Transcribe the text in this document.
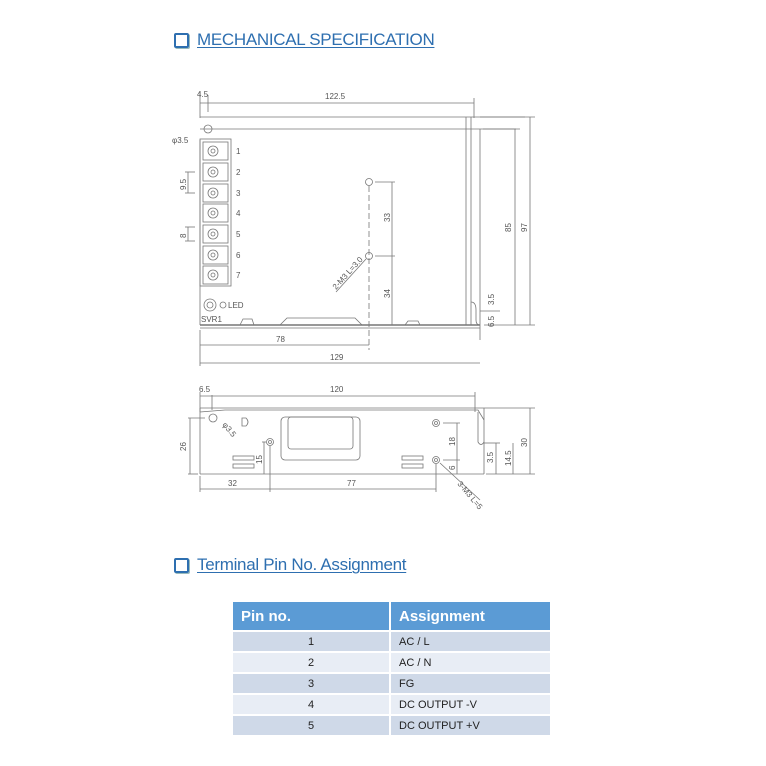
MECHANICAL SPECIFICATION
4.5	122.5
φ3.5
1
2
3
4
5
6
7
9.5
8
LED
SVR1
33
34
2-M3 L=3.0
85 97
3.5
6.5
78
129
6.5	120
φ3.5
26
15
32	77
18
6
3-M3 L=5
3.5 14.5
30
Terminal Pin No. Assignment
Pin no.	Assignment
1	AC / L
2	AC / N
3	FG
4	DC OUTPUT -V
5	DC OUTPUT +V
